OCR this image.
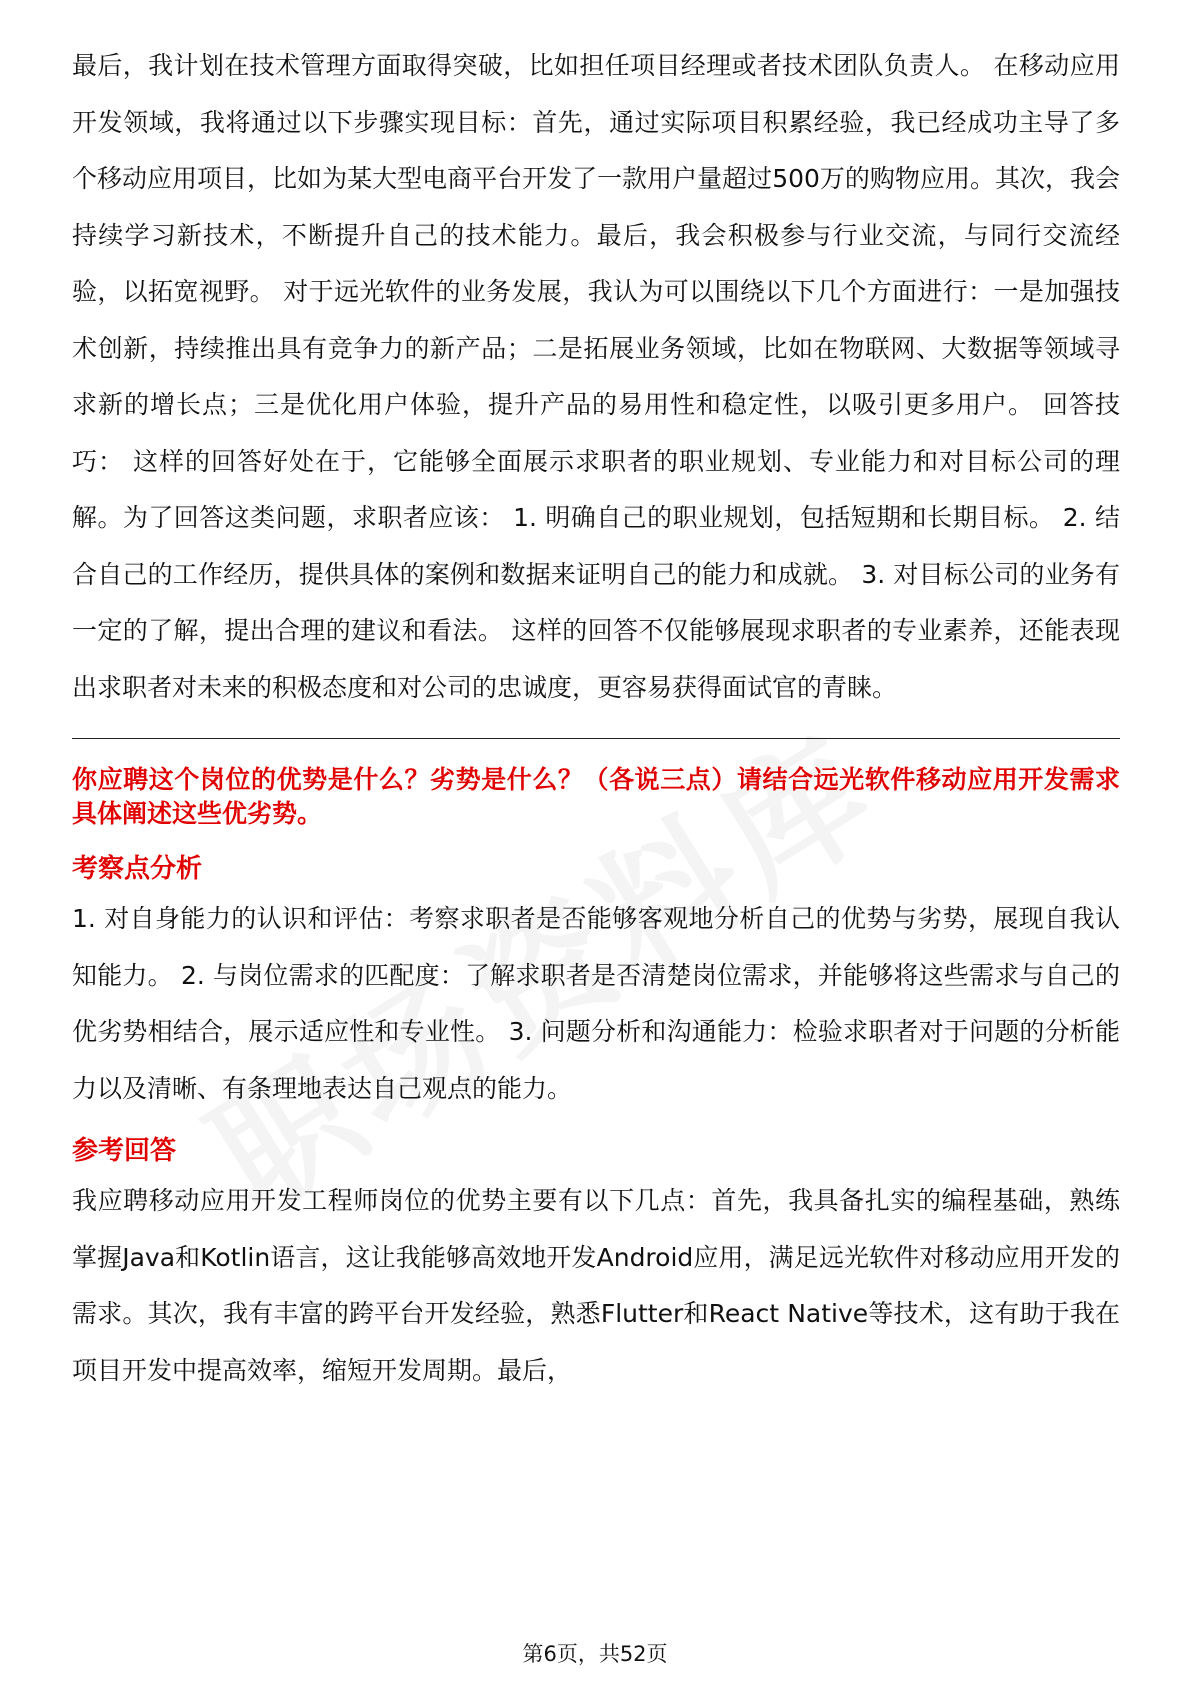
最后，我计划在技术管理方面取得突破，比如担任项目经理或者技术团队负责人。 在移动应用开发领域，我将通过以下步骤实现目标：首先，通过实际项目积累经验，我已经成功主导了多个移动应用项目，比如为某大型电商平台开发了一款用户量超过500万的购物应用。其次，我会持续学习新技术，不断提升自己的技术能力。最后，我会积极参与行业交流，与同行交流经验，以拓宽视野。 对于远光软件的业务发展，我认为可以围绕以下几个方面进行：一是加强技术创新，持续推出具有竞争力的新产品；二是拓展业务领域，比如在物联网、大数据等领域寻求新的增长点；三是优化用户体验，提升产品的易用性和稳定性，以吸引更多用户。 回答技巧： 这样的回答好处在于，它能够全面展示求职者的职业规划、专业能力和对目标公司的理解。为了回答这类问题，求职者应该： 1. 明确自己的职业规划，包括短期和长期目标。 2. 结合自己的工作经历，提供具体的案例和数据来证明自己的能力和成就。 3. 对目标公司的业务有一定的了解，提出合理的建议和看法。 这样的回答不仅能够展现求职者的专业素养，还能表现出求职者对未来的积极态度和对公司的忠诚度，更容易获得面试官的青睐。

你应聘这个岗位的优势是什么？劣势是什么？（各说三点）请结合远光软件移动应用开发需求具体阐述这些优劣势。

考察点分析

1. 对自身能力的认识和评估：考察求职者是否能够客观地分析自己的优势与劣势，展现自我认知能力。 2. 与岗位需求的匹配度：了解求职者是否清楚岗位需求，并能够将这些需求与自己的优劣势相结合，展示适应性和专业性。 3. 问题分析和沟通能力：检验求职者对于问题的分析能力以及清晰、有条理地表达自己观点的能力。

参考回答

我应聘移动应用开发工程师岗位的优势主要有以下几点：首先，我具备扎实的编程基础，熟练掌握Java和Kotlin语言，这让我能够高效地开发Android应用，满足远光软件对移动应用开发的需求。其次，我有丰富的跨平台开发经验，熟悉Flutter和React Native等技术，这有助于我在项目开发中提高效率，缩短开发周期。最后，

第6页，共52页
